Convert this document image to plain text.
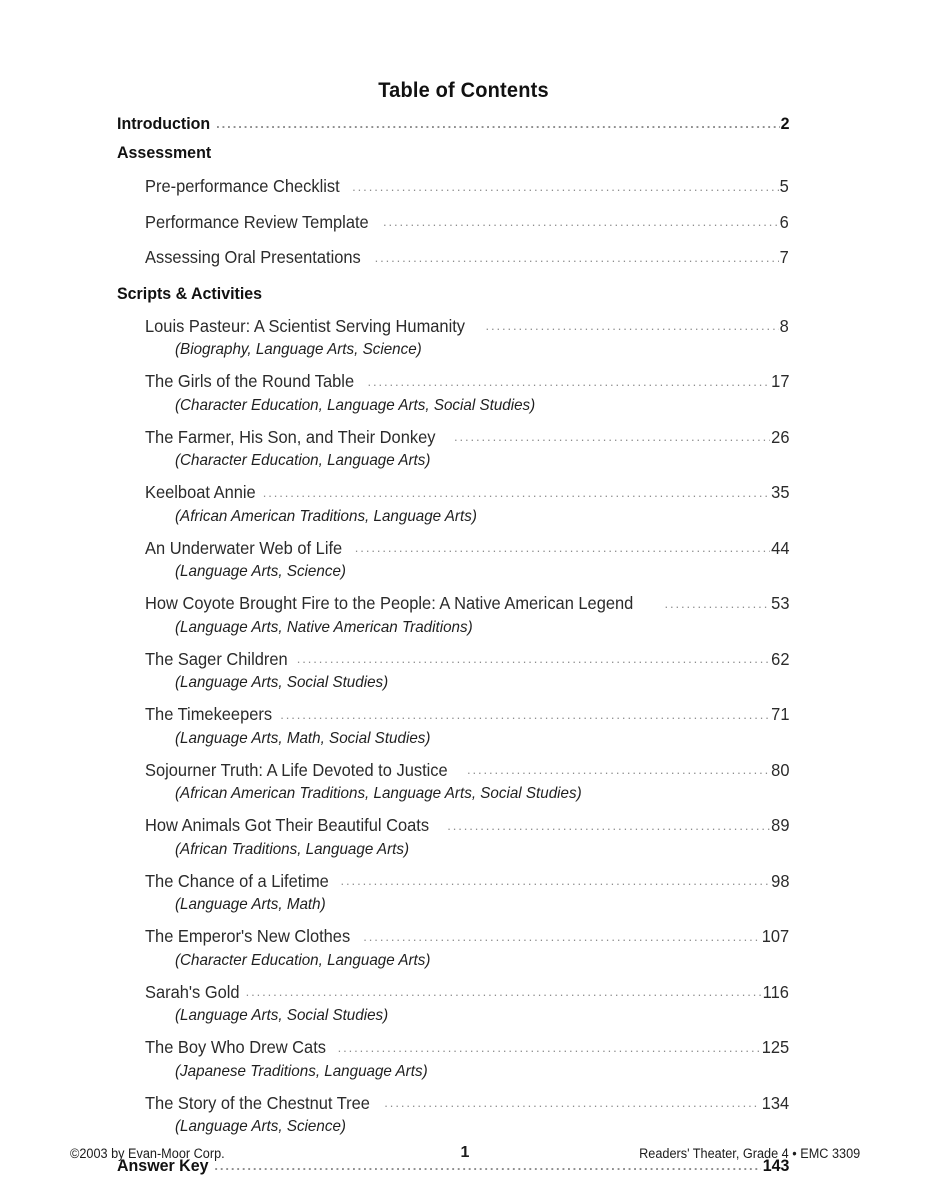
Table of Contents
Introduction .....	2
Assessment
Pre-performance Checklist .....	5
Performance Review Template .....	6
Assessing Oral Presentations .....	7
Scripts & Activities
Louis Pasteur: A Scientist Serving Humanity .....	8
(Biography, Language Arts, Science)
The Girls of the Round Table .....	17
(Character Education, Language Arts, Social Studies)
The Farmer, His Son, and Their Donkey .....	26
(Character Education, Language Arts)
Keelboat Annie .....	35
(African American Traditions, Language Arts)
An Underwater Web of Life .....	44
(Language Arts, Science)
How Coyote Brought Fire to the People: A Native American Legend .....	53
(Language Arts, Native American Traditions)
The Sager Children .....	62
(Language Arts, Social Studies)
The Timekeepers .....	71
(Language Arts, Math, Social Studies)
Sojourner Truth: A Life Devoted to Justice .....	80
(African American Traditions, Language Arts, Social Studies)
How Animals Got Their Beautiful Coats .....	89
(African Traditions, Language Arts)
The Chance of a Lifetime .....	98
(Language Arts, Math)
The Emperor's New Clothes .....	107
(Character Education, Language Arts)
Sarah's Gold .....	116
(Language Arts, Social Studies)
The Boy Who Drew Cats .....	125
(Japanese Traditions, Language Arts)
The Story of the Chestnut Tree .....	134
(Language Arts, Science)
Answer Key .....	143
©2003 by Evan-Moor Corp.	1	Readers' Theater, Grade 4 • EMC 3309
